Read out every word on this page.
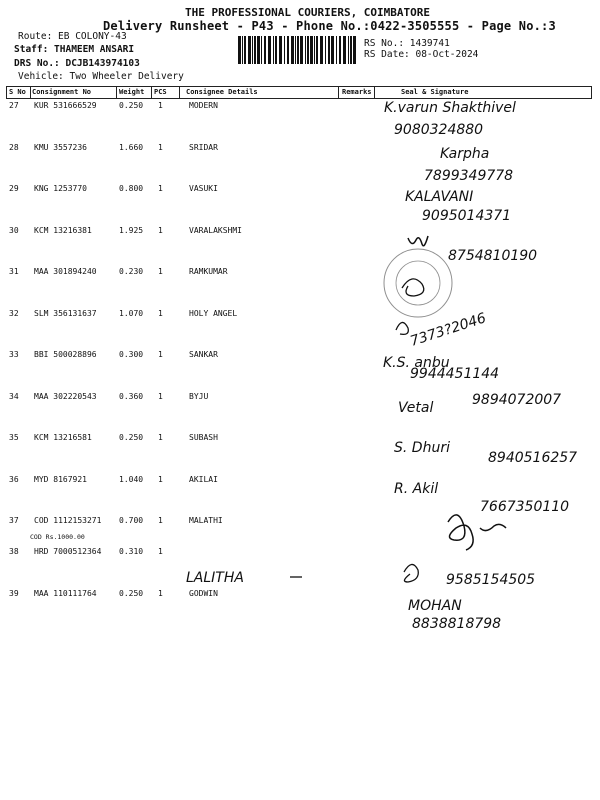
THE PROFESSIONAL COURIERS, COIMBATORE
Delivery Runsheet - P43 - Phone No.:0422-3505555 - Page No.:3
Route: EB COLONY-43
Staff: THAMEEM ANSARI
DRS No.: DCJB143974103
Vehicle: Two Wheeler Delivery
RS No.: 1439741
RS Date: 08-Oct-2024
S No Consignment No	Weight PCS	Consignee Details	Remarks	Seal & Signature
27 KUR 531666529	0.250 1	MODERN
28 KMU 3557236	1.660 1	SRIDAR
29 KNG 1253770	0.800 1	VASUKI
30 KCM 13216381	1.925 1	VARALAKSHMI
31 MAA 301894240	0.230 1	RAMKUMAR
32 SLM 356131637	1.070 1	HOLY ANGEL
33 BBI 500028896	0.300 1	SANKAR
34 MAA 302220543	0.360 1	BYJU
35 KCM 13216581	0.250 1	SUBASH
36 MYD 8167921	1.040 1	AKILAI
37 COD 1112153271 0.700 1	MALATHI
COD Rs.1000.00
38 HRD 7000512364 0.310 1
39 MAA 110111764	0.250 1	GODWIN
K.varun Shakthivel
9080324880
Karpha
7899349778
KALAVANI
9095014371
8754810190
7373?2046
K.S. anbu
9944451144
Vetal	9894072007
S. Dhuri
8940516257
R. Akil
7667350110
LALITHA	9585154505
MOHAN
8838818798
